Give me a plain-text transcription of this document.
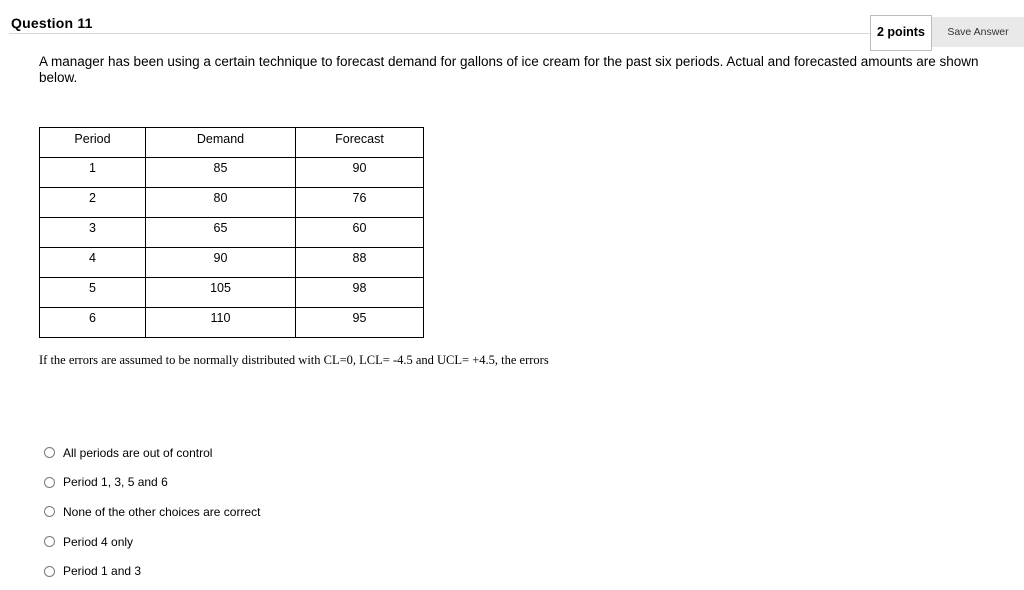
Question 11
2 points	Save Answer
A manager has been using a certain technique to forecast demand for gallons of ice cream for the past six periods. Actual and forecasted amounts are shown below.
Period	Demand	Forecast
1	85	90
2	80	76
3	65	60
4	90	88
5	105	98
6	110	95
If the errors are assumed to be normally distributed with CL=0, LCL= -4.5 and UCL= +4.5, the errors
All periods are out of control
Period 1, 3, 5 and 6
None of the other choices are correct
Period 4 only
Period 1 and 3
